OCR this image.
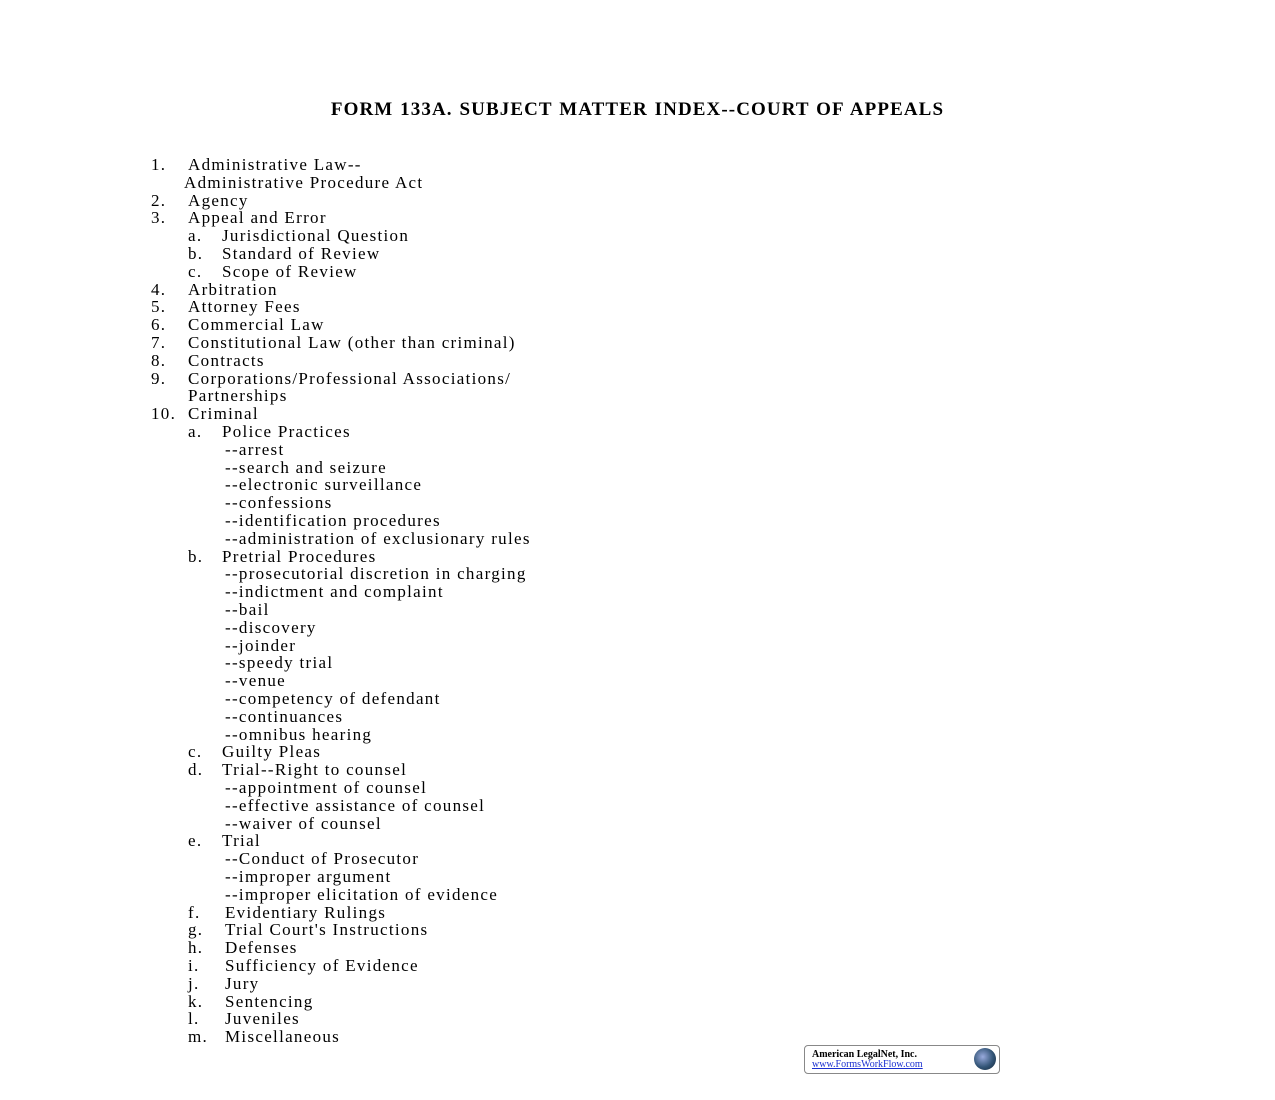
FORM 133A. SUBJECT MATTER INDEX--COURT OF APPEALS
1. Administrative Law--
Administrative Procedure Act
2. Agency
3. Appeal and Error
a. Jurisdictional Question
b. Standard of Review
c. Scope of Review
4. Arbitration
5. Attorney Fees
6. Commercial Law
7. Constitutional Law (other than criminal)
8. Contracts
9. Corporations/Professional Associations/
Partnerships
10. Criminal
a. Police Practices
--arrest
--search and seizure
--electronic surveillance
--confessions
--identification procedures
--administration of exclusionary rules
b. Pretrial Procedures
--prosecutorial discretion in charging
--indictment and complaint
--bail
--discovery
--joinder
--speedy trial
--venue
--competency of defendant
--continuances
--omnibus hearing
c. Guilty Pleas
d. Trial--Right to counsel
--appointment of counsel
--effective assistance of counsel
--waiver of counsel
e. Trial
--Conduct of Prosecutor
--improper argument
--improper elicitation of evidence
f. Evidentiary Rulings
g. Trial Court's Instructions
h. Defenses
i. Sufficiency of Evidence
j. Jury
k. Sentencing
l. Juveniles
m. Miscellaneous
American LegalNet, Inc.
www.FormsWorkFlow.com
